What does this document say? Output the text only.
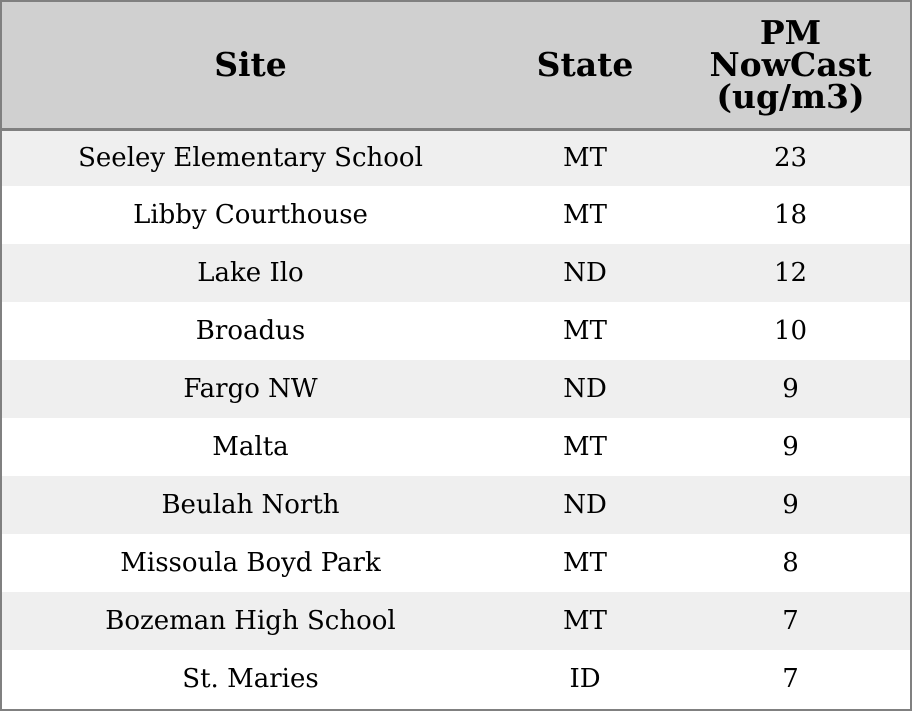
Site	State	PM
NowCast
(ug/m3)
Seeley Elementary School	MT	23
Libby Courthouse	MT	18
Lake Ilo	ND	12
Broadus	MT	10
Fargo NW	ND	9
Malta	MT	9
Beulah North	ND	9
Missoula Boyd Park	MT	8
Bozeman High School	MT	7
St. Maries	ID	7
